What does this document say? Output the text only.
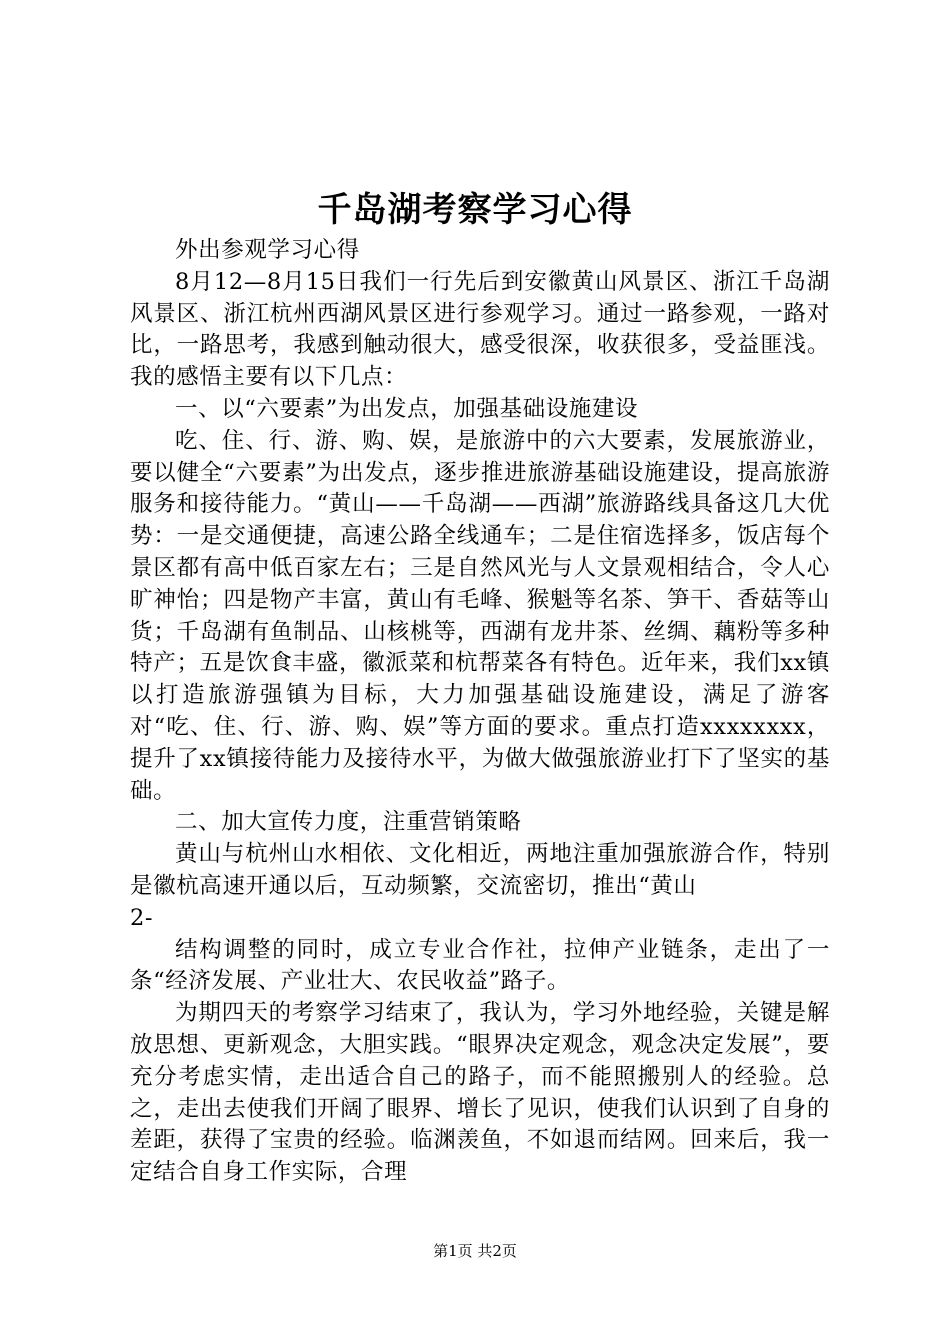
千岛湖考察学习心得

外出参观学习心得

8月12—8月15日我们一行先后到安徽黄山风景区、浙江千岛湖风景区、浙江杭州西湖风景区进行参观学习。通过一路参观，一路对比，一路思考，我感到触动很大，感受很深，收获很多，受益匪浅。我的感悟主要有以下几点：

一、以“六要素”为出发点，加强基础设施建设

吃、住、行、游、购、娱，是旅游中的六大要素，发展旅游业，要以健全“六要素”为出发点，逐步推进旅游基础设施建设，提高旅游服务和接待能力。“黄山——千岛湖——西湖”旅游路线具备这几大优势：一是交通便捷，高速公路全线通车；二是住宿选择多，饭店每个景区都有高中低百家左右；三是自然风光与人文景观相结合，令人心旷神怡；四是物产丰富，黄山有毛峰、猴魁等名茶、笋干、香菇等山货；千岛湖有鱼制品、山核桃等，西湖有龙井茶、丝绸、藕粉等多种特产；五是饮食丰盛，徽派菜和杭帮菜各有特色。近年来，我们xx镇以打造旅游强镇为目标，大力加强基础设施建设，满足了游客对“吃、住、行、游、购、娱”等方面的要求。重点打造xxxxxxxx，提升了xx镇接待能力及接待水平，为做大做强旅游业打下了坚实的基础。

二、加大宣传力度，注重营销策略

黄山与杭州山水相依、文化相近，两地注重加强旅游合作，特别是徽杭高速开通以后，互动频繁，交流密切，推出“黄山

2-

结构调整的同时，成立专业合作社，拉伸产业链条，走出了一条“经济发展、产业壮大、农民收益”路子。

为期四天的考察学习结束了，我认为，学习外地经验，关键是解放思想、更新观念，大胆实践。“眼界决定观念，观念决定发展”，要充分考虑实情，走出适合自己的路子，而不能照搬别人的经验。总之，走出去使我们开阔了眼界、增长了见识，使我们认识到了自身的差距，获得了宝贵的经验。临渊羡鱼，不如退而结网。回来后，我一定结合自身工作实际，合理

第1页 共2页
